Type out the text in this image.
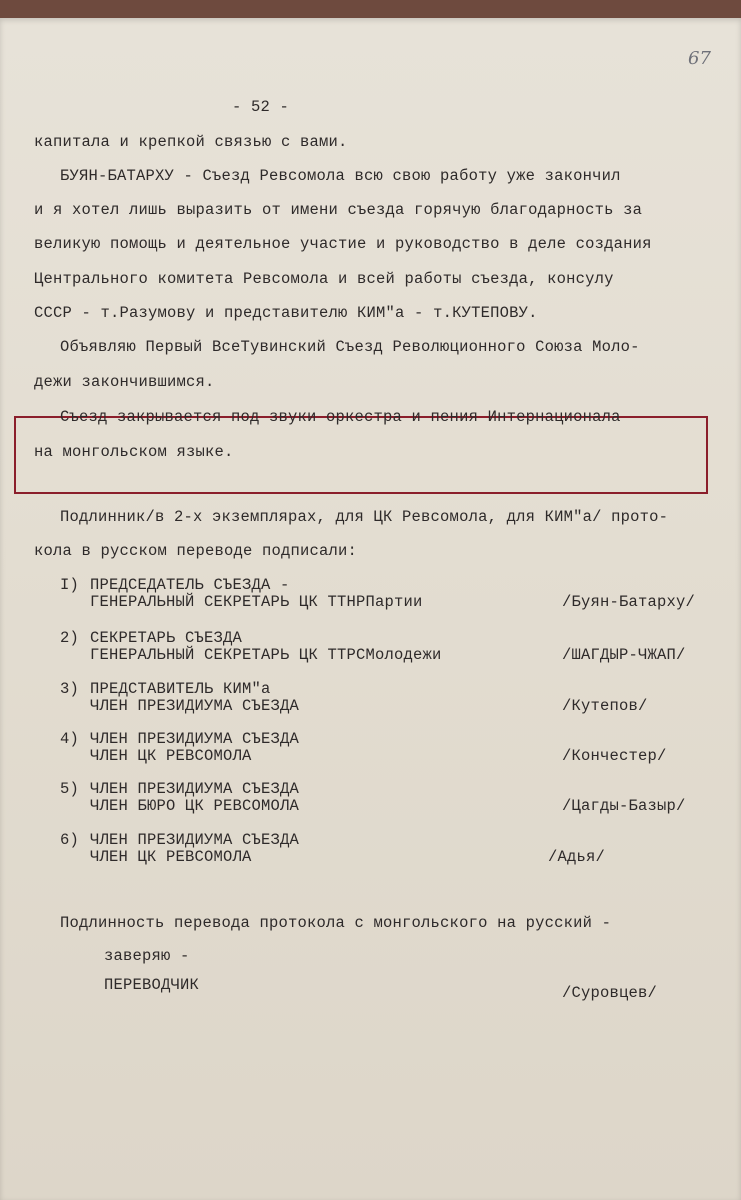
67
- 52 -
капитала и крепкой связью с вами.
БУЯН-БАТАРХУ - Съезд Ревсомола всю свою работу уже закончил
и я хотел лишь выразить от имени съезда горячую благодарность за
великую помощь и деятельное участие и руководство в деле создания
Центрального комитета Ревсомола и всей работы съезда, консулу
СССР - т.Разумову и представителю КИМ"а - т.КУТЕПОВУ.
Объявляю Первый ВсеТувинский Съезд Революционного Союза Моло-
дежи закончившимся.
Съезд закрывается под звуки оркестра и пения Интернационала
на монгольском языке.
Подлинник/в 2-х экземплярах, для ЦК Ревсомола, для КИМ"а/ прото-
кола в русском переводе подписали:
I) ПРЕДСЕДАТЕЛЬ СЪЕЗДА -
ГЕНЕРАЛЬНЫЙ СЕКРЕТАРЬ ЦК ТТНРПартии	/Буян-Батархy/
2) СЕКРЕТАРЬ СЪЕЗДА
ГЕНЕРАЛЬНЫЙ СЕКРЕТАРЬ ЦК ТТРСМолодежи	/ШАГДЫР-ЧЖАП/
3) ПРЕДСТАВИТЕЛЬ КИМ"а
ЧЛЕН ПРЕЗИДИУМА СЪЕЗДА	/Кутепов/
4) ЧЛЕН ПРЕЗИДИУМА СЪЕЗДА
ЧЛЕН ЦК РЕВСОМОЛА	/Кончестер/
5) ЧЛЕН ПРЕЗИДИУМА СЪЕЗДА
ЧЛЕН БЮРО ЦК РЕВСОМОЛА	/Цагды-Базыр/
6) ЧЛЕН ПРЕЗИДИУМА СЪЕЗДА
ЧЛЕН ЦК РЕВСОМОЛА	/Адья/
Подлинность перевода протокола с монгольского на русский -
заверяю -
ПЕРЕВОДЧИК	/Суровцев/
